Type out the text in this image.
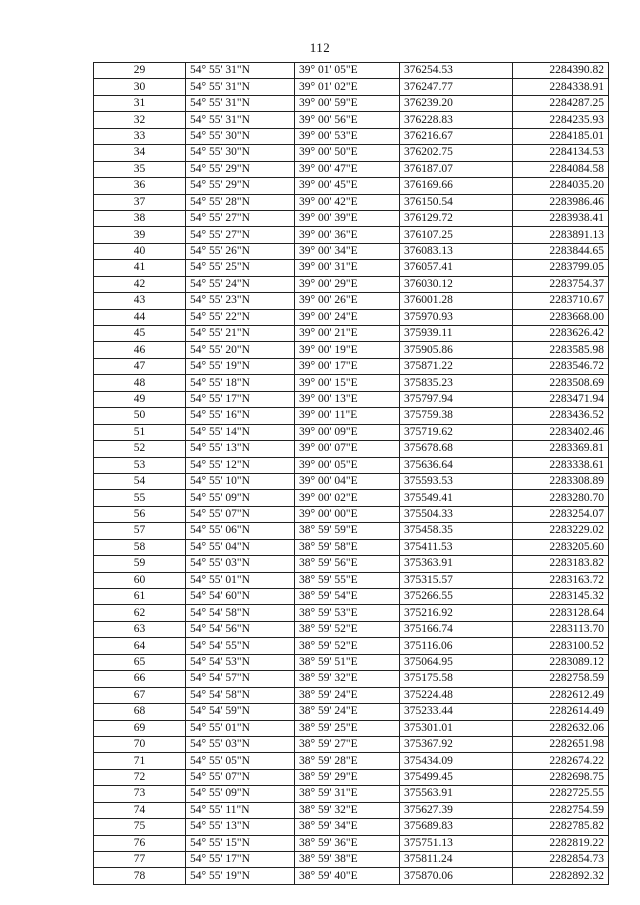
112
29	54° 55' 31"N	39° 01' 05"E	376254.53	2284390.82
30	54° 55' 31"N	39° 01' 02"E	376247.77	2284338.91
31	54° 55' 31"N	39° 00' 59"E	376239.20	2284287.25
32	54° 55' 31"N	39° 00' 56"E	376228.83	2284235.93
33	54° 55' 30"N	39° 00' 53"E	376216.67	2284185.01
34	54° 55' 30"N	39° 00' 50"E	376202.75	2284134.53
35	54° 55' 29"N	39° 00' 47"E	376187.07	2284084.58
36	54° 55' 29"N	39° 00' 45"E	376169.66	2284035.20
37	54° 55' 28"N	39° 00' 42"E	376150.54	2283986.46
38	54° 55' 27"N	39° 00' 39"E	376129.72	2283938.41
39	54° 55' 27"N	39° 00' 36"E	376107.25	2283891.13
40	54° 55' 26"N	39° 00' 34"E	376083.13	2283844.65
41	54° 55' 25"N	39° 00' 31"E	376057.41	2283799.05
42	54° 55' 24"N	39° 00' 29"E	376030.12	2283754.37
43	54° 55' 23"N	39° 00' 26"E	376001.28	2283710.67
44	54° 55' 22"N	39° 00' 24"E	375970.93	2283668.00
45	54° 55' 21"N	39° 00' 21"E	375939.11	2283626.42
46	54° 55' 20"N	39° 00' 19"E	375905.86	2283585.98
47	54° 55' 19"N	39° 00' 17"E	375871.22	2283546.72
48	54° 55' 18"N	39° 00' 15"E	375835.23	2283508.69
49	54° 55' 17"N	39° 00' 13"E	375797.94	2283471.94
50	54° 55' 16"N	39° 00' 11"E	375759.38	2283436.52
51	54° 55' 14"N	39° 00' 09"E	375719.62	2283402.46
52	54° 55' 13"N	39° 00' 07"E	375678.68	2283369.81
53	54° 55' 12"N	39° 00' 05"E	375636.64	2283338.61
54	54° 55' 10"N	39° 00' 04"E	375593.53	2283308.89
55	54° 55' 09"N	39° 00' 02"E	375549.41	2283280.70
56	54° 55' 07"N	39° 00' 00"E	375504.33	2283254.07
57	54° 55' 06"N	38° 59' 59"E	375458.35	2283229.02
58	54° 55' 04"N	38° 59' 58"E	375411.53	2283205.60
59	54° 55' 03"N	38° 59' 56"E	375363.91	2283183.82
60	54° 55' 01"N	38° 59' 55"E	375315.57	2283163.72
61	54° 54' 60"N	38° 59' 54"E	375266.55	2283145.32
62	54° 54' 58"N	38° 59' 53"E	375216.92	2283128.64
63	54° 54' 56"N	38° 59' 52"E	375166.74	2283113.70
64	54° 54' 55"N	38° 59' 52"E	375116.06	2283100.52
65	54° 54' 53"N	38° 59' 51"E	375064.95	2283089.12
66	54° 54' 57"N	38° 59' 32"E	375175.58	2282758.59
67	54° 54' 58"N	38° 59' 24"E	375224.48	2282612.49
68	54° 54' 59"N	38° 59' 24"E	375233.44	2282614.49
69	54° 55' 01"N	38° 59' 25"E	375301.01	2282632.06
70	54° 55' 03"N	38° 59' 27"E	375367.92	2282651.98
71	54° 55' 05"N	38° 59' 28"E	375434.09	2282674.22
72	54° 55' 07"N	38° 59' 29"E	375499.45	2282698.75
73	54° 55' 09"N	38° 59' 31"E	375563.91	2282725.55
74	54° 55' 11"N	38° 59' 32"E	375627.39	2282754.59
75	54° 55' 13"N	38° 59' 34"E	375689.83	2282785.82
76	54° 55' 15"N	38° 59' 36"E	375751.13	2282819.22
77	54° 55' 17"N	38° 59' 38"E	375811.24	2282854.73
78	54° 55' 19"N	38° 59' 40"E	375870.06	2282892.32
